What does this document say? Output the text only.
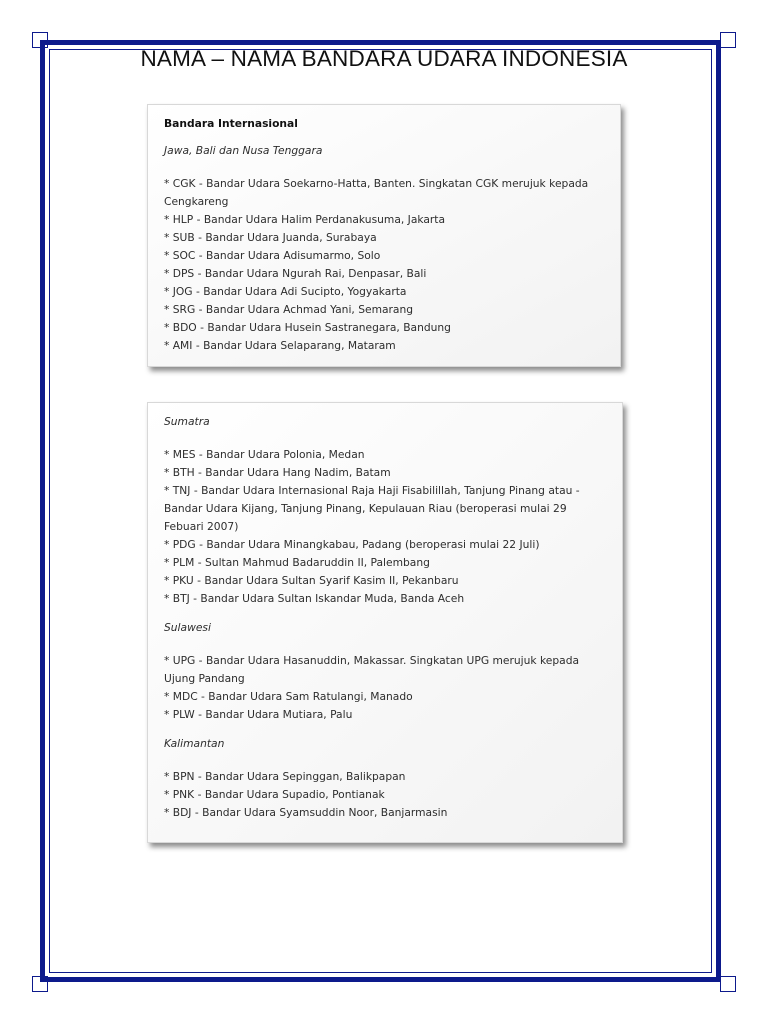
NAMA – NAMA BANDARA UDARA INDONESIA
Bandara Internasional
Jawa, Bali dan Nusa Tenggara
* CGK - Bandar Udara Soekarno-Hatta, Banten. Singkatan CGK merujuk kepada Cengkareng
* HLP - Bandar Udara Halim Perdanakusuma, Jakarta
* SUB - Bandar Udara Juanda, Surabaya
* SOC - Bandar Udara Adisumarmo, Solo
* DPS - Bandar Udara Ngurah Rai, Denpasar, Bali
* JOG - Bandar Udara Adi Sucipto, Yogyakarta
* SRG - Bandar Udara Achmad Yani, Semarang
* BDO - Bandar Udara Husein Sastranegara, Bandung
* AMI - Bandar Udara Selaparang, Mataram
Sumatra
* MES - Bandar Udara Polonia, Medan
* BTH - Bandar Udara Hang Nadim, Batam
* TNJ - Bandar Udara Internasional Raja Haji Fisabilillah, Tanjung Pinang atau - Bandar Udara Kijang, Tanjung Pinang, Kepulauan Riau (beroperasi mulai 29 Febuari 2007)
* PDG - Bandar Udara Minangkabau, Padang (beroperasi mulai 22 Juli)
* PLM - Sultan Mahmud Badaruddin II, Palembang
* PKU - Bandar Udara Sultan Syarif Kasim II, Pekanbaru
* BTJ - Bandar Udara Sultan Iskandar Muda, Banda Aceh
Sulawesi
* UPG - Bandar Udara Hasanuddin, Makassar. Singkatan UPG merujuk kepada Ujung Pandang
* MDC - Bandar Udara Sam Ratulangi, Manado
* PLW - Bandar Udara Mutiara, Palu
Kalimantan
* BPN - Bandar Udara Sepinggan, Balikpapan
* PNK - Bandar Udara Supadio, Pontianak
* BDJ - Bandar Udara Syamsuddin Noor, Banjarmasin
